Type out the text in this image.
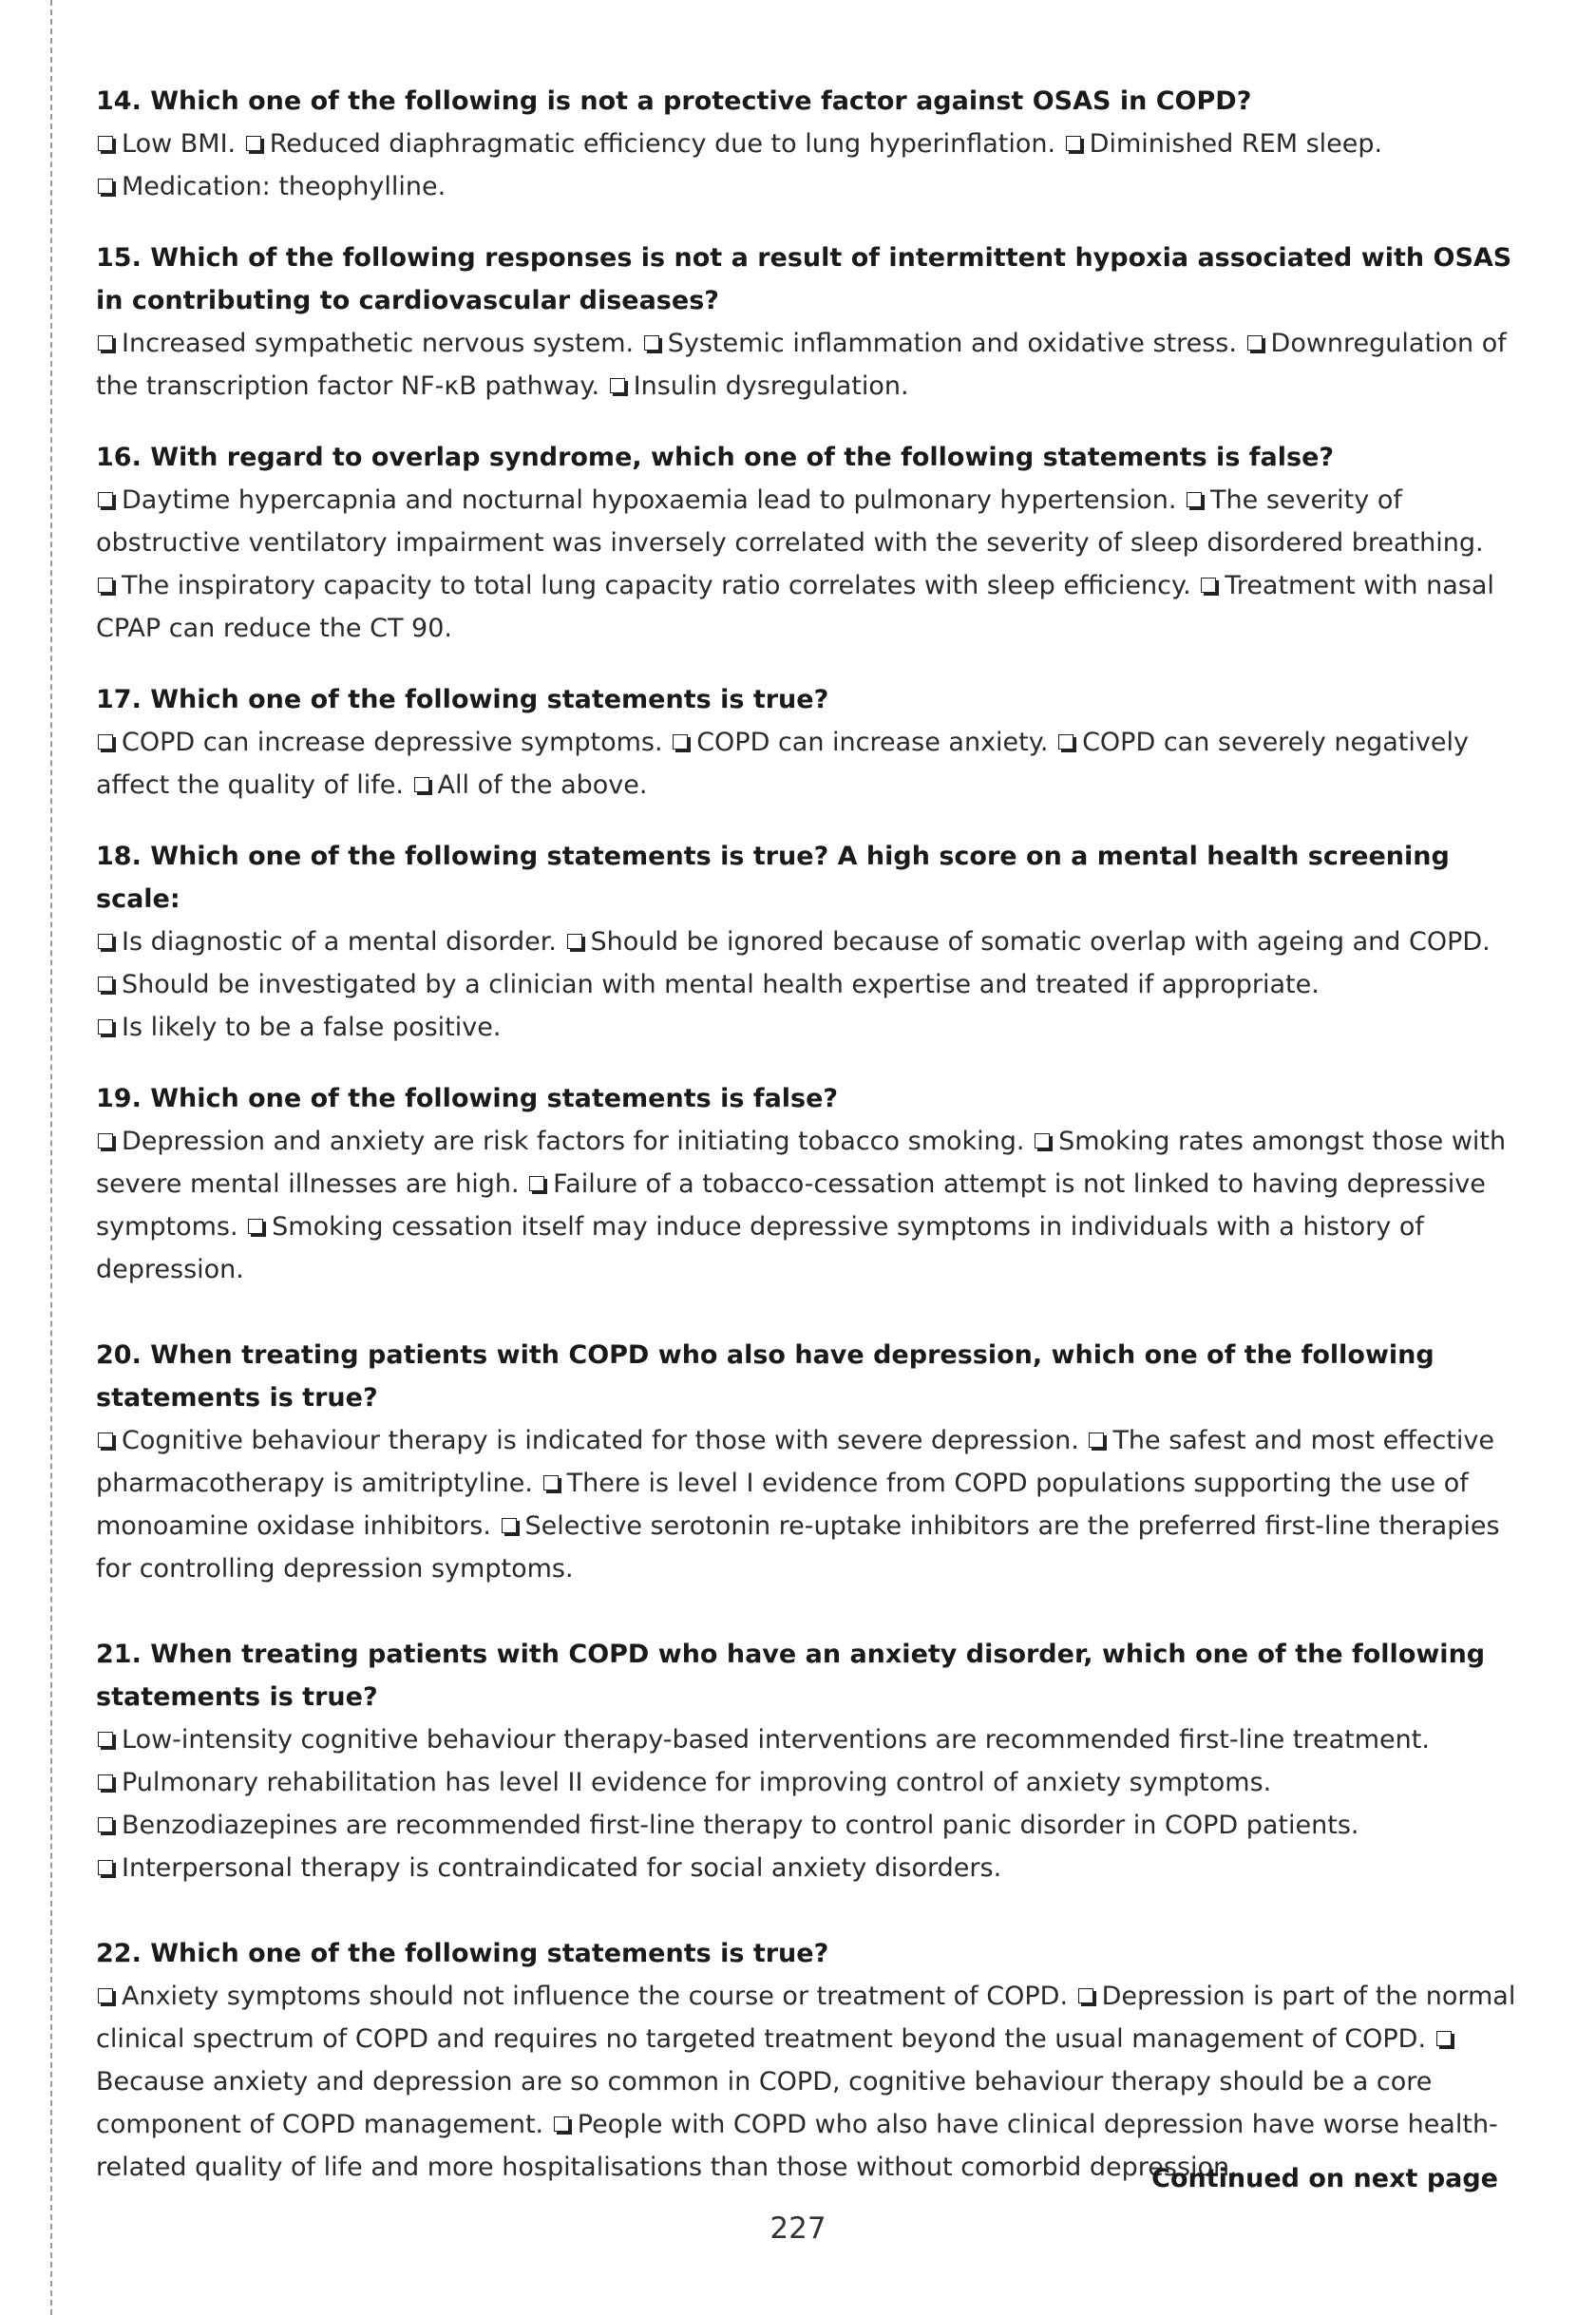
14. Which one of the following is not a protective factor against OSAS in COPD?
Low BMI. Reduced diaphragmatic efficiency due to lung hyperinflation. Diminished REM sleep.
Medication: theophylline.
15. Which of the following responses is not a result of intermittent hypoxia associated with OSAS in contributing to cardiovascular diseases?
Increased sympathetic nervous system. Systemic inflammation and oxidative stress. Downregulation of the transcription factor NF-κB pathway. Insulin dysregulation.
16. With regard to overlap syndrome, which one of the following statements is false?
Daytime hypercapnia and nocturnal hypoxaemia lead to pulmonary hypertension. The severity of obstructive ventilatory impairment was inversely correlated with the severity of sleep disordered breathing.
The inspiratory capacity to total lung capacity ratio correlates with sleep efficiency. Treatment with nasal CPAP can reduce the CT 90.
17. Which one of the following statements is true?
COPD can increase depressive symptoms. COPD can increase anxiety. COPD can severely negatively affect the quality of life. All of the above.
18. Which one of the following statements is true? A high score on a mental health screening scale:
Is diagnostic of a mental disorder. Should be ignored because of somatic overlap with ageing and COPD. Should be investigated by a clinician with mental health expertise and treated if appropriate.
Is likely to be a false positive.
19. Which one of the following statements is false?
Depression and anxiety are risk factors for initiating tobacco smoking. Smoking rates amongst those with severe mental illnesses are high. Failure of a tobacco-cessation attempt is not linked to having depressive symptoms. Smoking cessation itself may induce depressive symptoms in individuals with a history of depression.
20. When treating patients with COPD who also have depression, which one of the following statements is true?
Cognitive behaviour therapy is indicated for those with severe depression. The safest and most effective pharmacotherapy is amitriptyline. There is level I evidence from COPD populations supporting the use of monoamine oxidase inhibitors. Selective serotonin re-uptake inhibitors are the preferred first-line therapies for controlling depression symptoms.
21. When treating patients with COPD who have an anxiety disorder, which one of the following statements is true?
Low-intensity cognitive behaviour therapy-based interventions are recommended first-line treatment.
Pulmonary rehabilitation has level II evidence for improving control of anxiety symptoms.
Benzodiazepines are recommended first-line therapy to control panic disorder in COPD patients.
Interpersonal therapy is contraindicated for social anxiety disorders.
22. Which one of the following statements is true?
Anxiety symptoms should not influence the course or treatment of COPD. Depression is part of the normal clinical spectrum of COPD and requires no targeted treatment beyond the usual management of COPD. Because anxiety and depression are so common in COPD, cognitive behaviour therapy should be a core component of COPD management. People with COPD who also have clinical depression have worse health-related quality of life and more hospitalisations than those without comorbid depression.
Continued on next page
227
